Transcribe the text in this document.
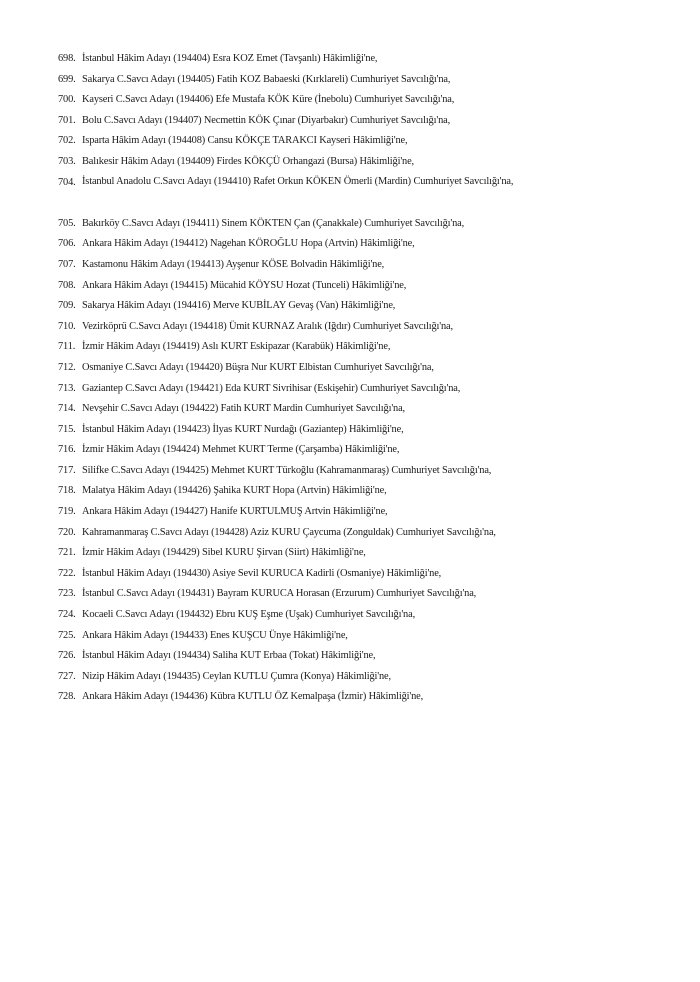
698. İstanbul Hâkim Adayı (194404) Esra KOZ Emet (Tavşanlı) Hâkimliği'ne,
699. Sakarya C.Savcı Adayı (194405) Fatih KOZ Babaeski (Kırklareli) Cumhuriyet Savcılığı'na,
700. Kayseri C.Savcı Adayı (194406) Efe Mustafa KÖK Küre (İnebolu) Cumhuriyet Savcılığı'na,
701. Bolu C.Savcı Adayı (194407) Necmettin KÖK Çınar (Diyarbakır) Cumhuriyet Savcılığı'na,
702. Isparta Hâkim Adayı (194408) Cansu KÖKÇE TARAKCI Kayseri Hâkimliği'ne,
703. Balıkesir Hâkim Adayı (194409) Firdes KÖKÇÜ Orhangazi (Bursa) Hâkimliği'ne,
704. İstanbul Anadolu C.Savcı Adayı (194410) Rafet Orkun KÖKEN Ömerli (Mardin) Cumhuriyet Savcılığı'na,
705. Bakırköy C.Savcı Adayı (194411) Sinem KÖKTEN Çan (Çanakkale) Cumhuriyet Savcılığı'na,
706. Ankara Hâkim Adayı (194412) Nagehan KÖROĞLU Hopa (Artvin) Hâkimliği'ne,
707. Kastamonu Hâkim Adayı (194413) Ayşenur KÖSE Bolvadin Hâkimliği'ne,
708. Ankara Hâkim Adayı (194415) Mücahid KÖYSU Hozat (Tunceli) Hâkimliği'ne,
709. Sakarya Hâkim Adayı (194416) Merve KUBİLAY Gevaş (Van) Hâkimliği'ne,
710. Vezirköprü C.Savcı Adayı (194418) Ümit KURNAZ Aralık (Iğdır) Cumhuriyet Savcılığı'na,
711. İzmir Hâkim Adayı (194419) Aslı KURT Eskipazar (Karabük) Hâkimliği'ne,
712. Osmaniye C.Savcı Adayı (194420) Büşra Nur KURT Elbistan Cumhuriyet Savcılığı'na,
713. Gaziantep C.Savcı Adayı (194421) Eda KURT Sivrihisar (Eskişehir) Cumhuriyet Savcılığı'na,
714. Nevşehir C.Savcı Adayı (194422) Fatih KURT Mardin Cumhuriyet Savcılığı'na,
715. İstanbul Hâkim Adayı (194423) İlyas KURT Nurdağı (Gaziantep) Hâkimliği'ne,
716. İzmir Hâkim Adayı (194424) Mehmet KURT Terme (Çarşamba) Hâkimliği'ne,
717. Silifke C.Savcı Adayı (194425) Mehmet KURT Türkoğlu (Kahramanmaraş) Cumhuriyet Savcılığı'na,
718. Malatya Hâkim Adayı (194426) Şahika KURT Hopa (Artvin) Hâkimliği'ne,
719. Ankara Hâkim Adayı (194427) Hanife KURTULMUŞ Artvin Hâkimliği'ne,
720. Kahramanmaraş C.Savcı Adayı (194428) Aziz KURU Çaycuma (Zonguldak) Cumhuriyet Savcılığı'na,
721. İzmir Hâkim Adayı (194429) Sibel KURU Şirvan (Siirt) Hâkimliği'ne,
722. İstanbul Hâkim Adayı (194430) Asiye Sevil KURUCA Kadirli (Osmaniye) Hâkimliği'ne,
723. İstanbul C.Savcı Adayı (194431) Bayram KURUCA Horasan (Erzurum) Cumhuriyet Savcılığı'na,
724. Kocaeli C.Savcı Adayı (194432) Ebru KUŞ Eşme (Uşak) Cumhuriyet Savcılığı'na,
725. Ankara Hâkim Adayı (194433) Enes KUŞCU Ünye Hâkimliği'ne,
726. İstanbul Hâkim Adayı (194434) Saliha KUT Erbaa (Tokat) Hâkimliği'ne,
727. Nizip Hâkim Adayı (194435) Ceylan KUTLU Çumra (Konya) Hâkimliği'ne,
728. Ankara Hâkim Adayı (194436) Kübra KUTLU ÖZ Kemalpaşa (İzmir) Hâkimliği'ne,
